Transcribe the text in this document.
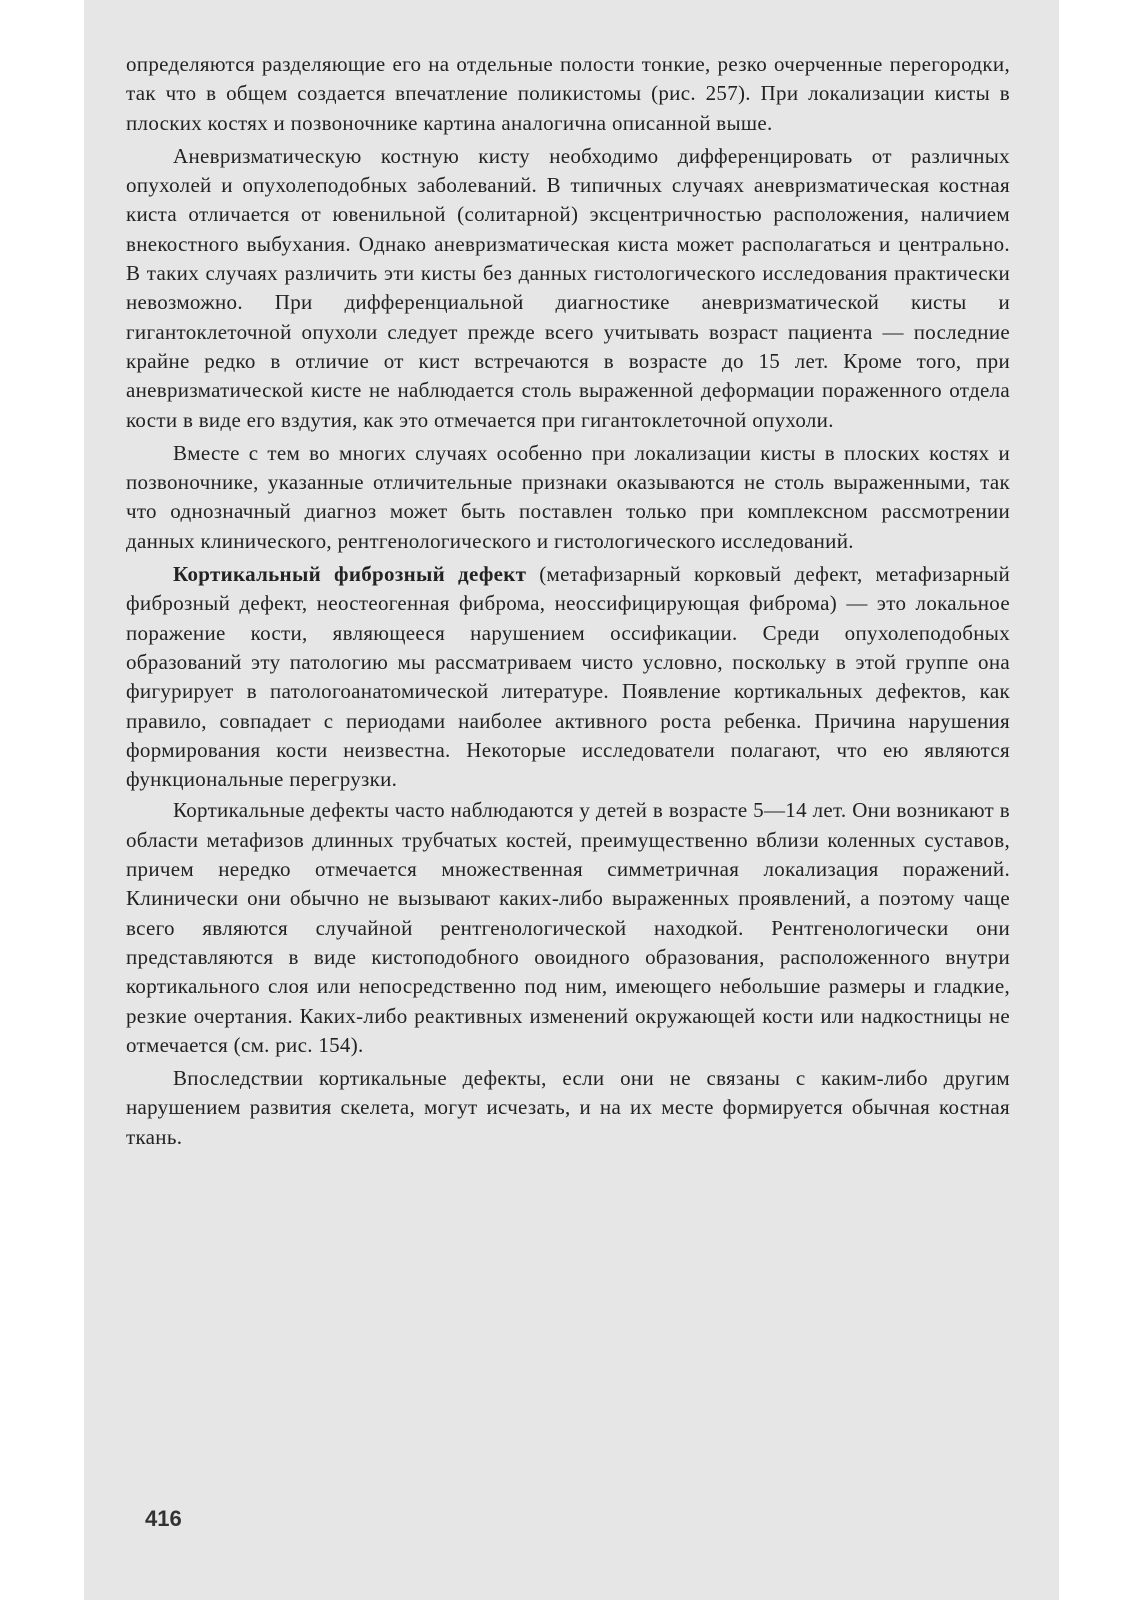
определяются разделяющие его на отдельные полости тонкие, резко очерченные перегородки, так что в общем создается впечатление поликистомы (рис. 257). При локализации кисты в плоских костях и позвоночнике картина аналогична описанной выше.

Аневризматическую костную кисту необходимо дифференцировать от различных опухолей и опухолеподобных заболеваний. В типичных случаях аневризматическая костная киста отличается от ювенильной (солитарной) эксцентричностью расположения, наличием внекостного выбухания. Однако аневризматическая киста может располагаться и центрально. В таких случаях различить эти кисты без данных гистологического исследования практически невозможно. При дифференциальной диагностике аневризматической кисты и гигантоклеточной опухоли следует прежде всего учитывать возраст пациента — последние крайне редко в отличие от кист встречаются в возрасте до 15 лет. Кроме того, при аневризматической кисте не наблюдается столь выраженной деформации пораженного отдела кости в виде его вздутия, как это отмечается при гигантоклеточной опухоли.

Вместе с тем во многих случаях особенно при локализации кисты в плоских костях и позвоночнике, указанные отличительные признаки оказываются не столь выраженными, так что однозначный диагноз может быть поставлен только при комплексном рассмотрении данных клинического, рентгенологического и гистологического исследований.

Кортикальный фиброзный дефект (метафизарный корковый дефект, метафизарный фиброзный дефект, неостеогенная фиброма, неоссифицирующая фиброма) — это локальное поражение кости, являющееся нарушением оссификации. Среди опухолеподобных образований эту патологию мы рассматриваем чисто условно, поскольку в этой группе она фигурирует в патологоанатомической литературе. Появление кортикальных дефектов, как правило, совпадает с периодами наиболее активного роста ребенка. Причина нарушения формирования кости неизвестна. Некоторые исследователи полагают, что ею являются функциональные перегрузки.

Кортикальные дефекты часто наблюдаются у детей в возрасте 5—14 лет. Они возникают в области метафизов длинных трубчатых костей, преимущественно вблизи коленных суставов, причем нередко отмечается множественная симметричная локализация поражений. Клинически они обычно не вызывают каких-либо выраженных проявлений, а поэтому чаще всего являются случайной рентгенологической находкой. Рентгенологически они представляются в виде кистоподобного овоидного образования, расположенного внутри кортикального слоя или непосредственно под ним, имеющего небольшие размеры и гладкие, резкие очертания. Каких-либо реактивных изменений окружающей кости или надкостницы не отмечается (см. рис. 154).

Впоследствии кортикальные дефекты, если они не связаны с каким-либо другим нарушением развития скелета, могут исчезать, и на их месте формируется обычная костная ткань.

416
